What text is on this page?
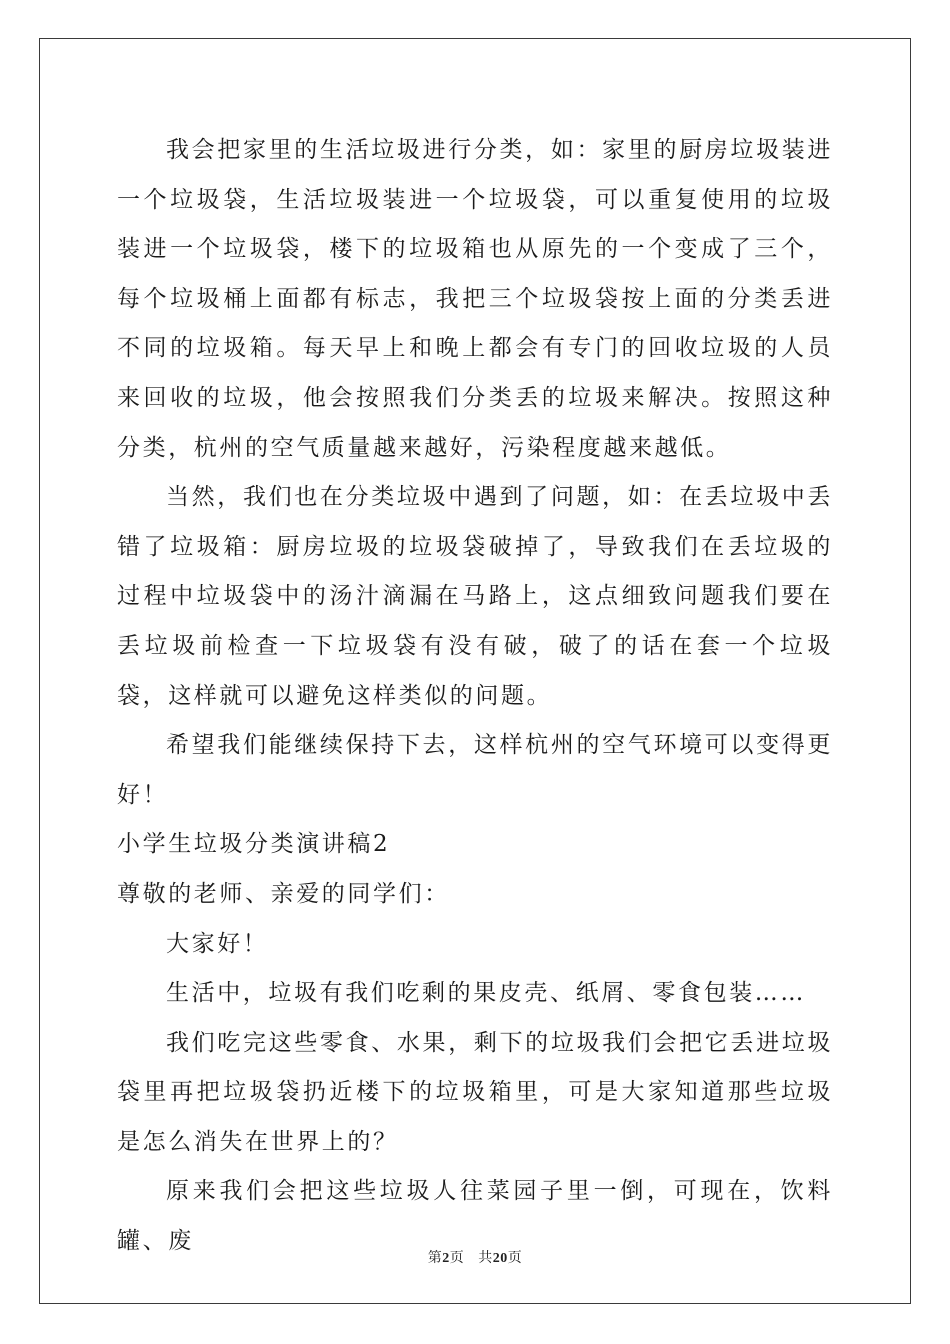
我会把家里的生活垃圾进行分类，如：家里的厨房垃圾装进一个垃圾袋，生活垃圾装进一个垃圾袋，可以重复使用的垃圾装进一个垃圾袋，楼下的垃圾箱也从原先的一个变成了三个，每个垃圾桶上面都有标志，我把三个垃圾袋按上面的分类丢进不同的垃圾箱。每天早上和晚上都会有专门的回收垃圾的人员来回收的垃圾，他会按照我们分类丢的垃圾来解决。按照这种分类，杭州的空气质量越来越好，污染程度越来越低。

当然，我们也在分类垃圾中遇到了问题，如：在丢垃圾中丢错了垃圾箱：厨房垃圾的垃圾袋破掉了，导致我们在丢垃圾的过程中垃圾袋中的汤汁滴漏在马路上，这点细致问题我们要在丢垃圾前检查一下垃圾袋有没有破，破了的话在套一个垃圾袋，这样就可以避免这样类似的问题。

希望我们能继续保持下去，这样杭州的空气环境可以变得更好！

小学生垃圾分类演讲稿2

尊敬的老师、亲爱的同学们：

大家好！

生活中，垃圾有我们吃剩的果皮壳、纸屑、零食包装……

我们吃完这些零食、水果，剩下的垃圾我们会把它丢进垃圾袋里再把垃圾袋扔近楼下的垃圾箱里，可是大家知道那些垃圾是怎么消失在世界上的？

原来我们会把这些垃圾人往菜园子里一倒，可现在，饮料罐、废

第2页 共20页
